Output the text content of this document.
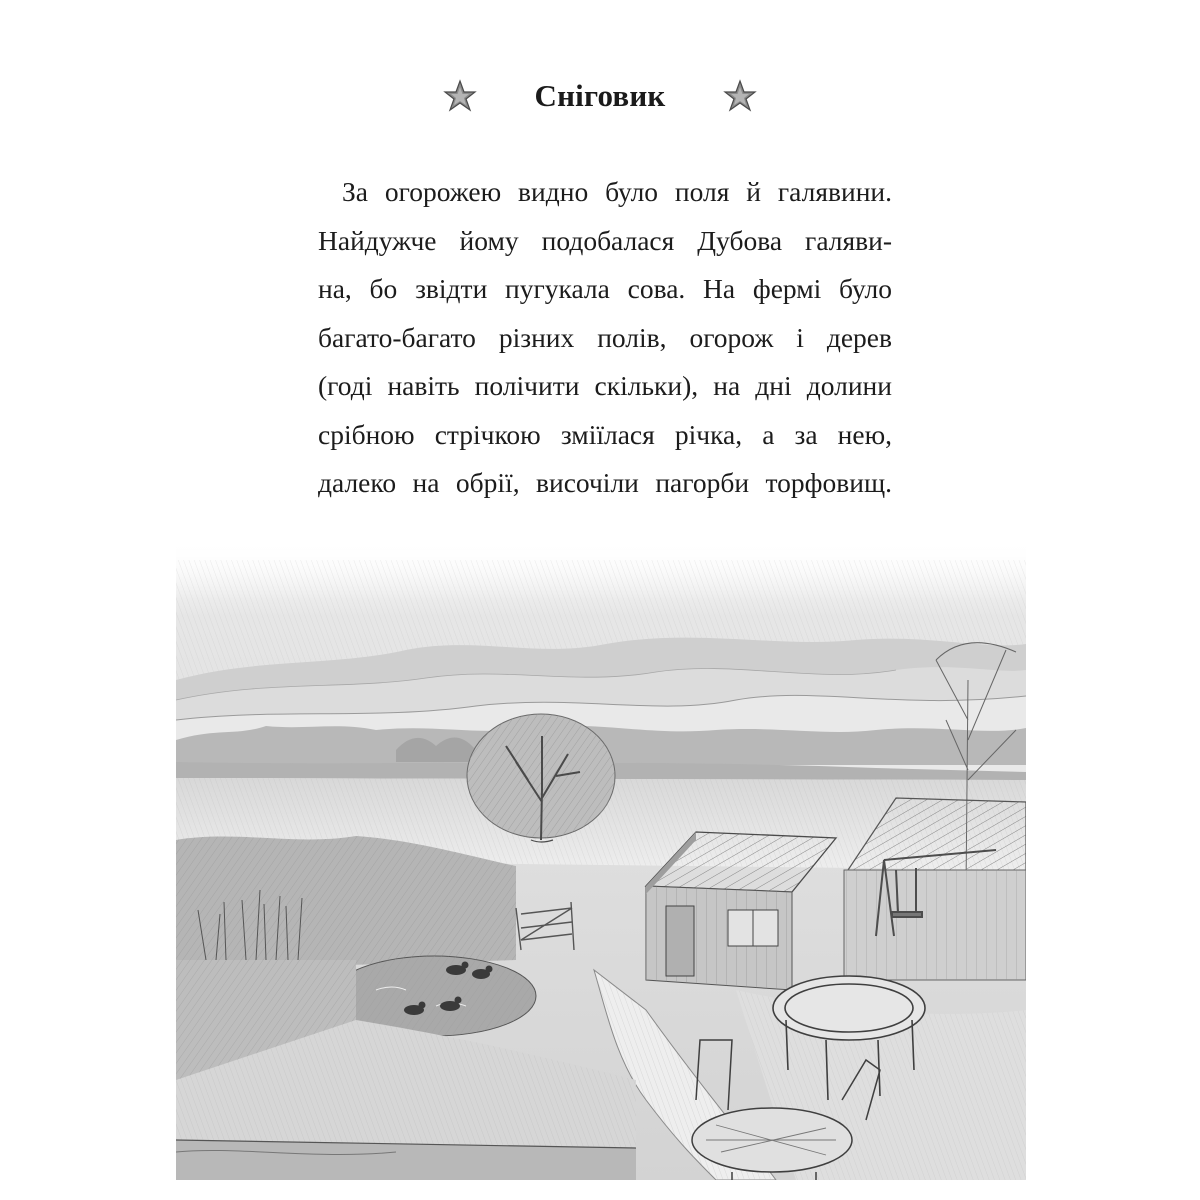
Сніговик
За огорожею видно було поля й галявини.
Найдужче йому подобалася Дубова галяви-
на, бо звідти пугукала сова. На фермі було
багато-багато різних полів, огорож і дерев
(годі навіть полічити скільки), на дні долини
срібною стрічкою зміїлася річка, а за нею,
далеко на обрії, височіли пагорби торфовищ.
